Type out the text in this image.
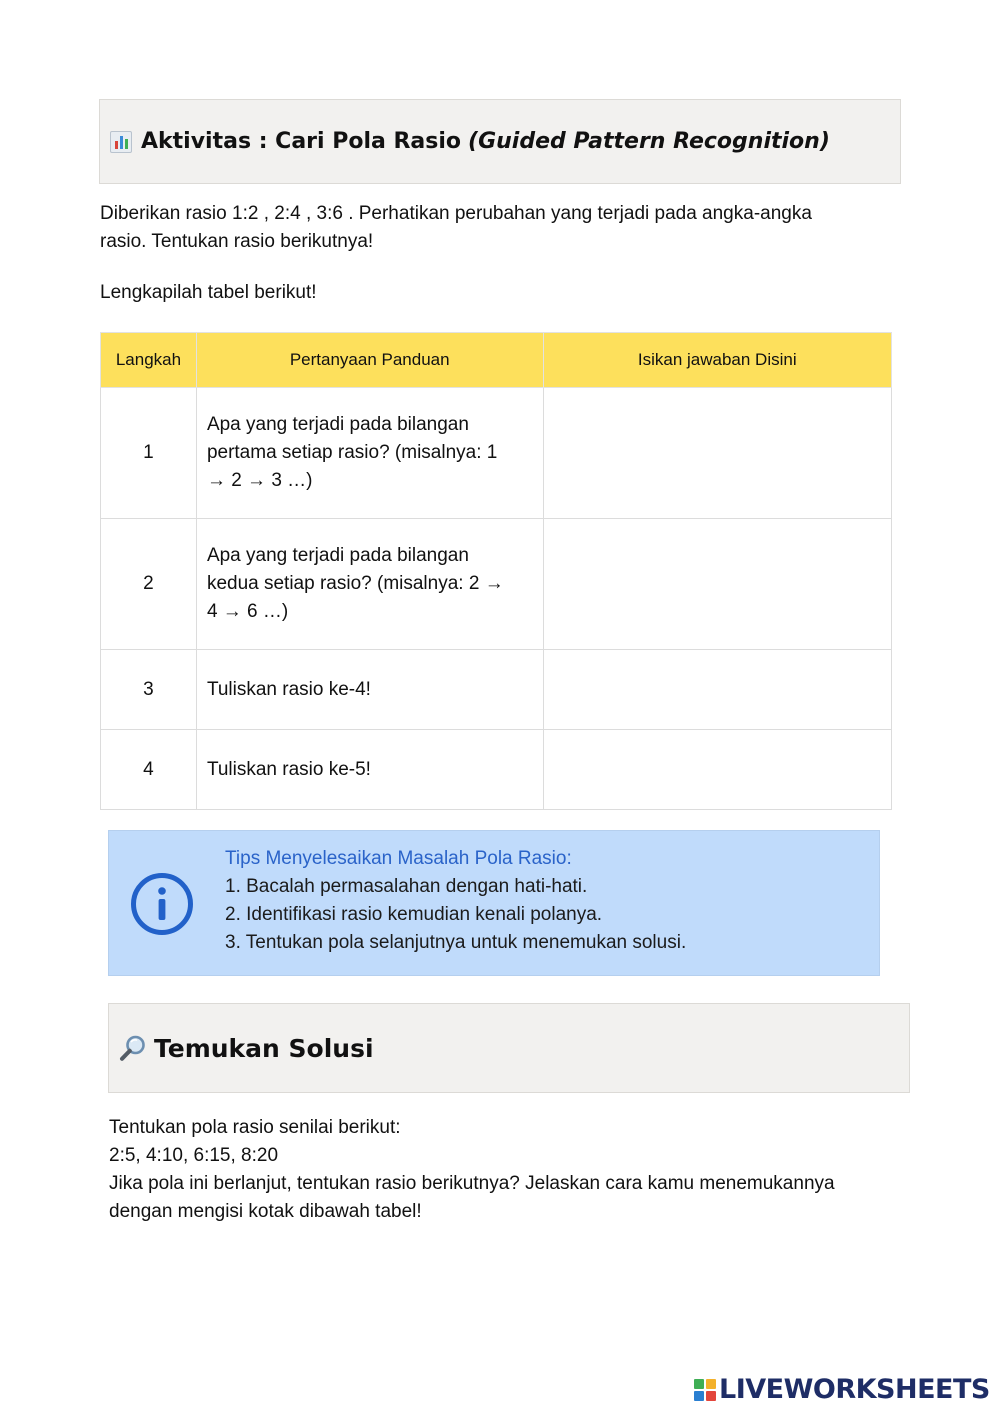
Aktivitas : Cari Pola Rasio (Guided Pattern Recognition)
Diberikan rasio 1:2 , 2:4 , 3:6 . Perhatikan perubahan yang terjadi pada angka-angka
rasio. Tentukan rasio berikutnya!
Lengkapilah tabel berikut!
Langkah	Pertanyaan Panduan	Isikan jawaban Disini
1	Apa yang terjadi pada bilangan
pertama setiap rasio? (misalnya: 1
→ 2 → 3 …)	

2	Apa yang terjadi pada bilangan
kedua setiap rasio? (misalnya: 2 →
4 → 6 …)	

3	Tuliskan rasio ke-4!	

4	Tuliskan rasio ke-5!	

Tips Menyelesaikan Masalah Pola Rasio:
1. Bacalah permasalahan dengan hati-hati.
2. Identifikasi rasio kemudian kenali polanya.
3. Tentukan pola selanjutnya untuk menemukan solusi.
Temukan Solusi
Tentukan pola rasio senilai berikut:
2:5, 4:10, 6:15, 8:20
Jika pola ini berlanjut, tentukan rasio berikutnya? Jelaskan cara kamu menemukannya
dengan mengisi kotak dibawah tabel!
LIVEWORKSHEETS
